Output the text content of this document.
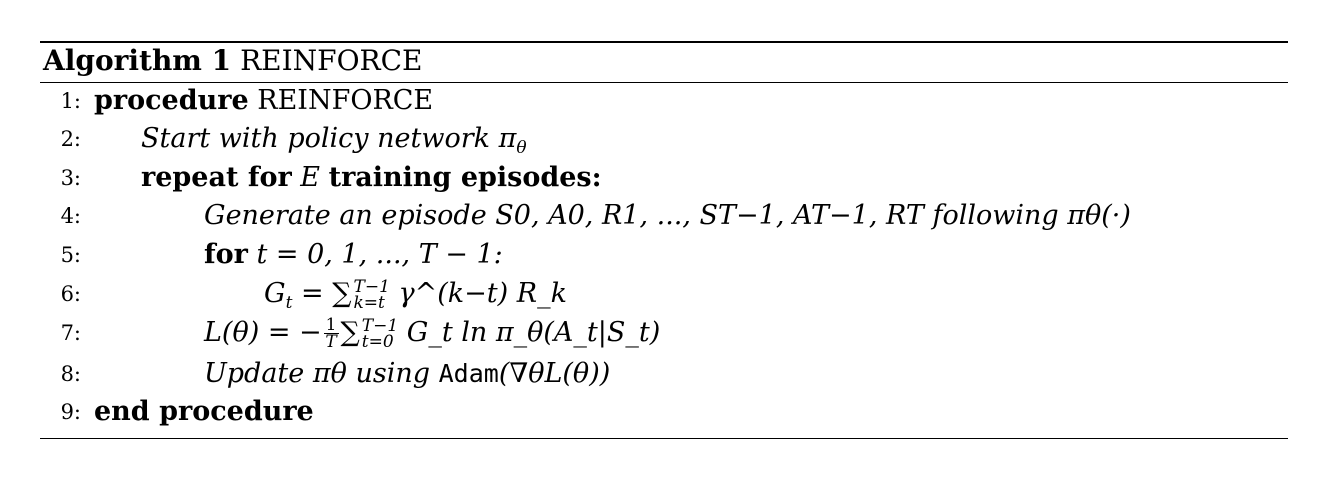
Algorithm 1 REINFORCE
1: procedure REINFORCE
2: Start with policy network $\pi_\theta$
3: repeat for E training episodes:
4:	Generate an episode S0, A0, R1, ..., ST−1, AT−1, RT following πθ(·)
5:	for t = 0, 1, ..., T − 1:
6:	$G_t$ = ∑ T−1
k=t γ^(k−t) R_k
7:	L(θ) = − $\frac{1}{T}$ ∑ T−1
t=0 G_t ln π_θ(A_t|S_t)
8:	Update πθ using Adam(∇θL(θ))
9: end procedure
